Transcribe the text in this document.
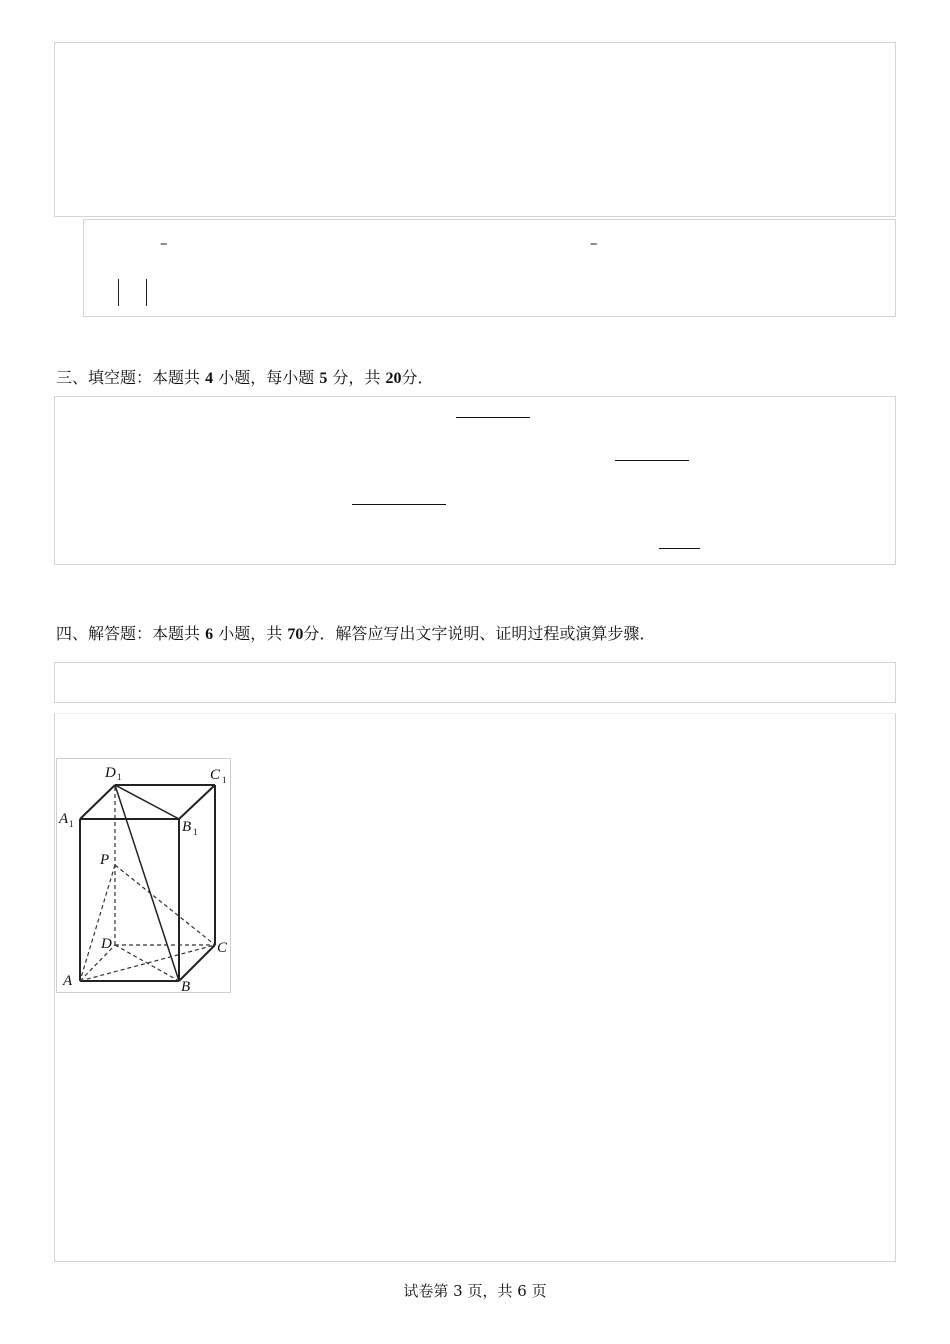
–	–
三、填空题：本题共 4 小题，每小题 5 分，共 20分．
四、解答题：本题共 6 小题，共 70分．解答应写出文字说明、证明过程或演算步骤．
D 1	C 1
A 1	B 1
P
D	C
A	B
试卷第 3 页，共 6 页
